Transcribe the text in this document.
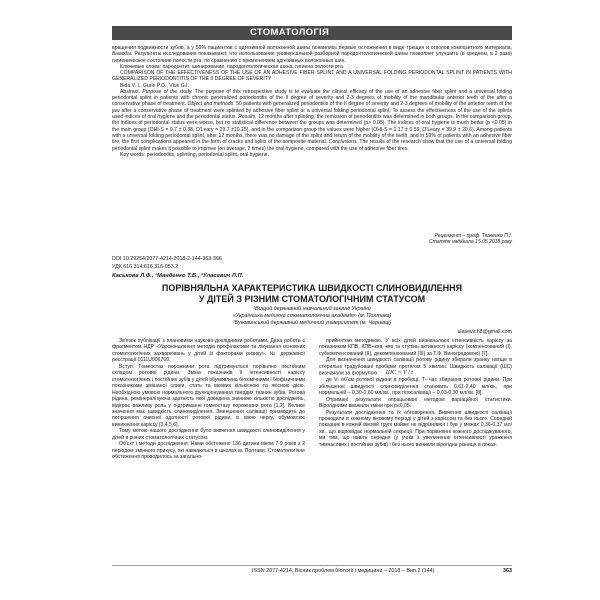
СТОМАТОЛОГІЯ

вращения подвижности зубов, а у 59% пациентов с адгезивной волоконной шины появились первые осложнения в виде трещин и отколов композитного материала. Выводы. Результаты исследования показывают, что использование универсальной разборной пародонтологической шины позволяет улучшить (в среднем, в 2 раза) гигиеническое состояние полости рта, по сравнению с применением адгезивных волоконных шин.

Ключевые слова: пародонтит, шинирование, пародонтологическая шина, гигиена полости рта.

COMPARISON OF THE EFFECTIVENESS OF THE USE OF AN ADHESIVE FIBER SPLINT AND A UNIVERSAL FOLDING PERIODONTAL SPLINT IN PATIENTS WITH GENERALIZED PERIODONTITIS OF THE II DEGREE OF SEVERITY

Bida V. I., Gurin P.O., Viun G.I.

Abstract. Purpose of the study. The purpose of this retrospective study is to evaluate the clinical efficacy of the use of an adhesive fiber splint and a universal folding periodontal splint in patients with chronic generalized periodontitis of the II degree of severity and 2-3 degrees of mobility of the mandibular anterior teeth of the after a conservative phase of treatment. Object and methods. 50 patients with generalized periodontitis of the II degree of severity and 2-3 degrees of mobility of the anterior teeth of the jaw after a conservative phase of treatment were splinted by adhesive fiber splint or a universal folding periodontal splint. To assess the effectiveness of the use of the splints used indices of oral hygiene and the periodontal status. Results. 12 months after splinting, the remission of periodontitis was determined in both groups. In the comparison group, the indices of periodontal status were worse, but no statistical difference between the groups was determined (p> 0.05). The indices of oral hygiene is much better (p <0.05) in the main group (OHI-S = 0.7 ± 0.38, O'Leary = 29.7 ±10.15), and in the comparison group the values were higher (OHI-S = 1.17 ± 0.59, O'Leary = 39.9 ± 20.6). Among patients with a universal folding periodontal splint, after 12 months, there was no damage of the splint and return of the mobility of the teeth, and in 59% of patients with an adhesive fiber tire, the first complications appeared in the form of cracks and splits of the composite material. Conclusions. The results of the research show that the use of a universal folding periodontal splint makes it possible to improve (on average, 2 times) the oral hygiene, compared with the use of adhesive fiber tires.

Key words: periodontitis, splinting, periodontal splint, oral hygiene.

Рецензент – проф. Ткаченко П.І.
Стаття надійшла 15.05.2018 року
DOI 10.29254/2077-4214-2018-2-144-363-366
УДК 616.314:616.316-053.2
Каськова Л.Ф., ¹Манденко Т.Б., ²Улаcевич Л.П.
ПОРІВНЯЛЬНА ХАРАКТЕРИСТИКА ШВИДКОСТІ СЛИНОВИДІЛЕННЯ
У ДІТЕЙ З РІЗНИМ СТОМАТОЛОГІЧНИМ СТАТУСОМ
¹Вищий державний навчальний заклад України
«Українська медична стоматологічна академія» (м. Полтава)
²Буковинський державний медичний університет (м. Чернівці)
ulasevich8@gmail.com

Зв'язок публікації з плановими науково-дослідними роботами. Дана робота є фрагментом НДР «Удосконалення методів профілактики та лікування основних стоматологічних захворювань у дітей із факторами ризику», № державної реєстрації 0111U006760.

Вступ. Гомеостаз порожнини рота підтримується порівняно постійним складом ротової рідини. Зміна показників її інтенсивності карієсу стоматологічних і постійних зубів у дітей обумовлена біохімічними і біофізичними показниками змішаної слини, стать та вікових кількісною та якісною дією. Необхідною умовою нормального функціонування твердих тканин зубів. Ротова рідина, ремінералізуюча здатність якої доведена значною кількістю досліджень, відіграє важливу роль у підтриманні гомеостазу порожнини рота [1,2]. Велике значення має швидкість слиновиділення. Зменшення салівації призводить до погіршення очисної здатності ротової рідини, в свою чергу, обумовлює виникнення карієсу [3,4,5,6].

Тому метою нашого дослідження було вивчення швидкості слиновиділення у дітей в різних стоматологічних статусом.

Об'єкт і методи дослідження. Нами обстежено 136 дитини віком 7-9 років з 2 періодом змінного прикусу, які навчаються в школах м. Полтави. Стоматологічне обстеження проводилось за загально-

прийнятою методикою. У всіх дітей визначалася інтенсивність карієсу за показником КПВ, КПВ+кпв, кпв та ступінь активності карієсу (компенсований (І), субкомпенсований (ІІ), декомпенсований (ІІІ) за Т.Ф. Виноградовою) [7].

Для визначення швидкості салівації ротову рідину збирали зранку натще в стерильні градуйовані пробірки протягом 5 хвилин. Швидкість салівації (ШС) визначали за формулою ШС = V / t

де V- об'єм ротової рідини в пробірці, Т- час збирання ротової рідини. При збільшенні швидкості слиновиділення становить 0,61-2,40 мл/хв., при нормальній – 0,30-0,60 мл/хв., при гіпосалівації – 0,03-0,30 мл/хв. [8].

Отримані результати опрацьовані методом варіаційної статистики. Вірогідними вважали зміни при р≤0,05.

Результати дослідження та їх обговорення. Вивчення швидкості салівації проводили в кожному віковому періоді у дітей з карієсом та без нього. Середній показник в кожній віковій групі майже не відрізнявся і був у межах 0,36-0,37 мл/хв., що відповідає нормальній секреції. При порівнянні кожного досліджуваного, ми тим, що навіть середня (у учнів з увеличення інтенсивності ураження тимчасових і постійних зубів) і без нього виникли вірогідна різниця в показ-

ISSN 2077-4214. Вісник проблем біології і медицини – 2018 – Вип.2 (144)	363
